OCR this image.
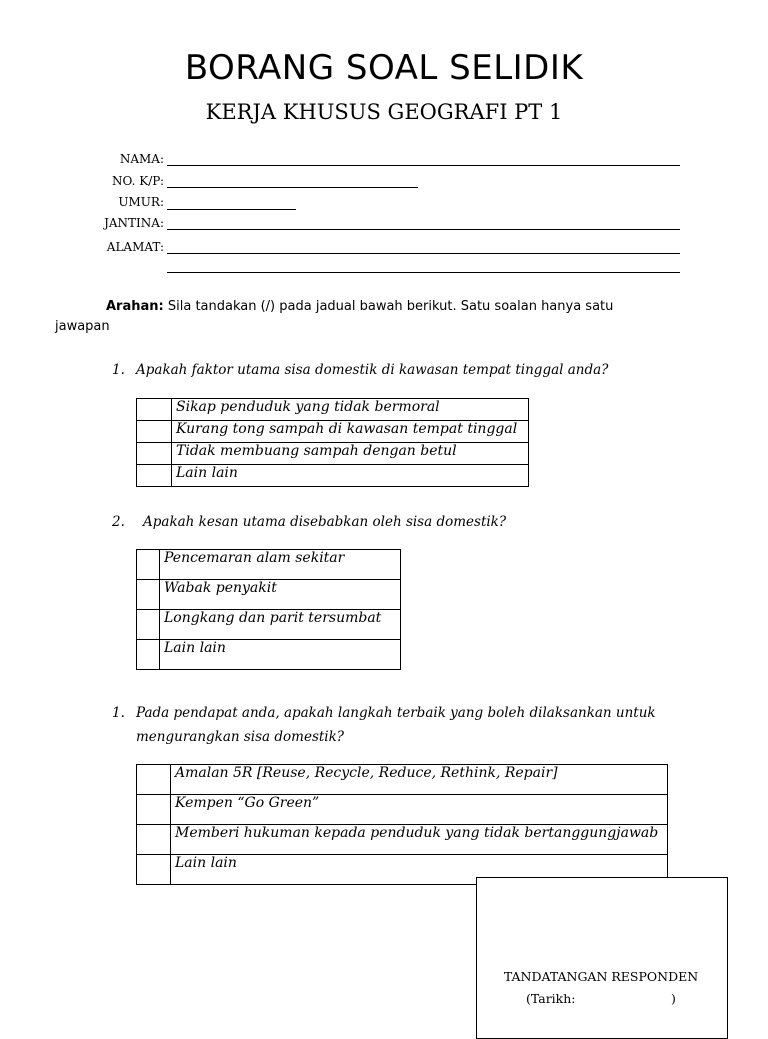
BORANG SOAL SELIDIK
KERJA KHUSUS GEOGRAFI PT 1
NAMA:
NO. K/P:
UMUR:
JANTINA:
ALAMAT:
Arahan: Sila tandakan (/) pada jadual bawah berikut. Satu soalan hanya satu
jawapan
1. Apakah faktor utama sisa domestik di kawasan tempat tinggal anda?
	Sikap penduduk yang tidak bermoral
	Kurang tong sampah di kawasan tempat tinggal
	Tidak membuang sampah dengan betul
	Lain lain
2. Apakah kesan utama disebabkan oleh sisa domestik?
	Pencemaran alam sekitar
	Wabak penyakit
	Longkang dan parit tersumbat
	Lain lain
1. Pada pendapat anda, apakah langkah terbaik yang boleh dilaksankan untuk
mengurangkan sisa domestik?
	Amalan 5R [Reuse, Recycle, Reduce, Rethink, Repair]
	Kempen “Go Green”
	Memberi hukuman kepada penduduk yang tidak bertanggungjawab
	Lain lain
TANDATANGAN RESPONDEN
(Tarikh:	)
